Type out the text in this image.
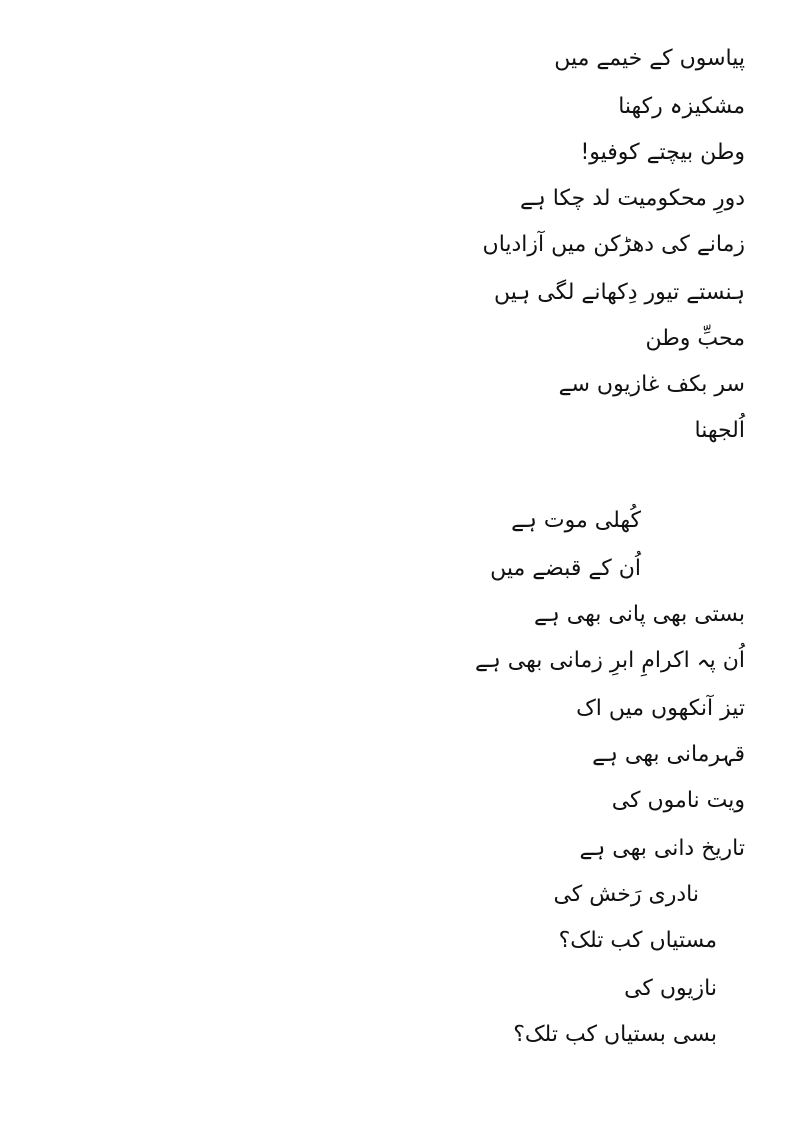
پیاسوں کے خیمے میں
مشکیزہ رکھنا
وطن بیچتے کوفیو!
دورِ محکومیت لد چکا ہے
زمانے کی دھڑکن میں آزادیاں
ہنستے تیور دِکھانے لگی ہیں
محبِّ وطن
سر بکف غازیوں سے
اُلجھنا
کُھلی موت ہے
اُن کے قبضے میں
بستی بھی پانی بھی ہے
اُن پہ اکرامِ ابرِ زمانی بھی ہے
تیز آنکھوں میں اک
قہرمانی بھی ہے
ویت ناموں کی
تاریخ دانی بھی ہے
نادری رَخش کی
مستیاں کب تلک؟
نازیوں کی
بسی بستیاں کب تلک؟
